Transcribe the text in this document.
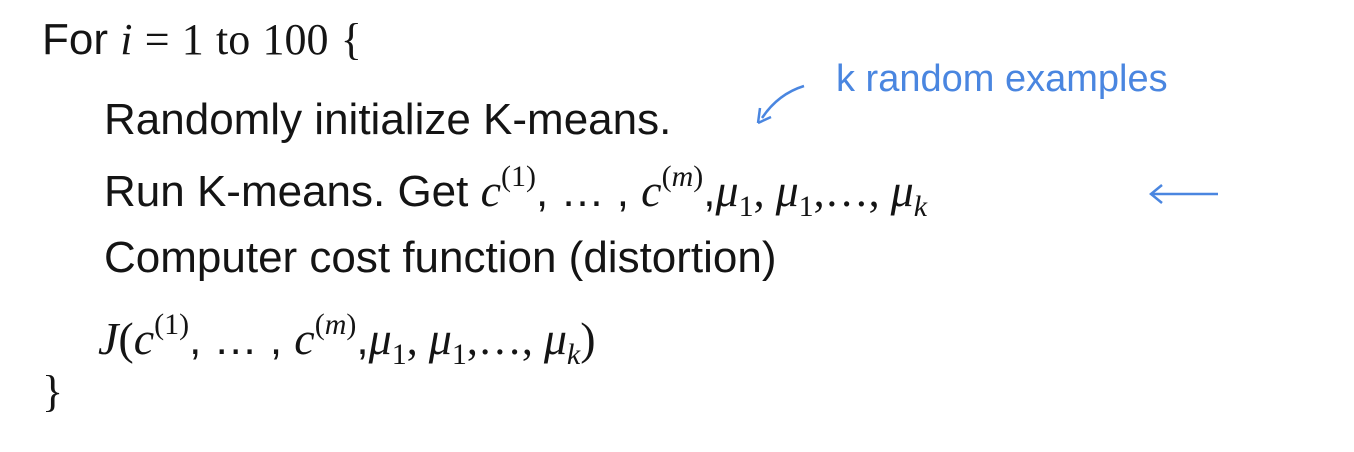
For i = 1 to 100 {
k random examples
Randomly initialize K-means.
Run K-means. Get $c^{(1)}$, … , $c^{(m)},\mu_1$, $\mu_1,\dots$, $\mu_k$
Computer cost function (distortion)
$J(c^{(1)}$, … , $c^{(m)},\mu_1$, $\mu_1,\dots$, $\mu_k$)
}
